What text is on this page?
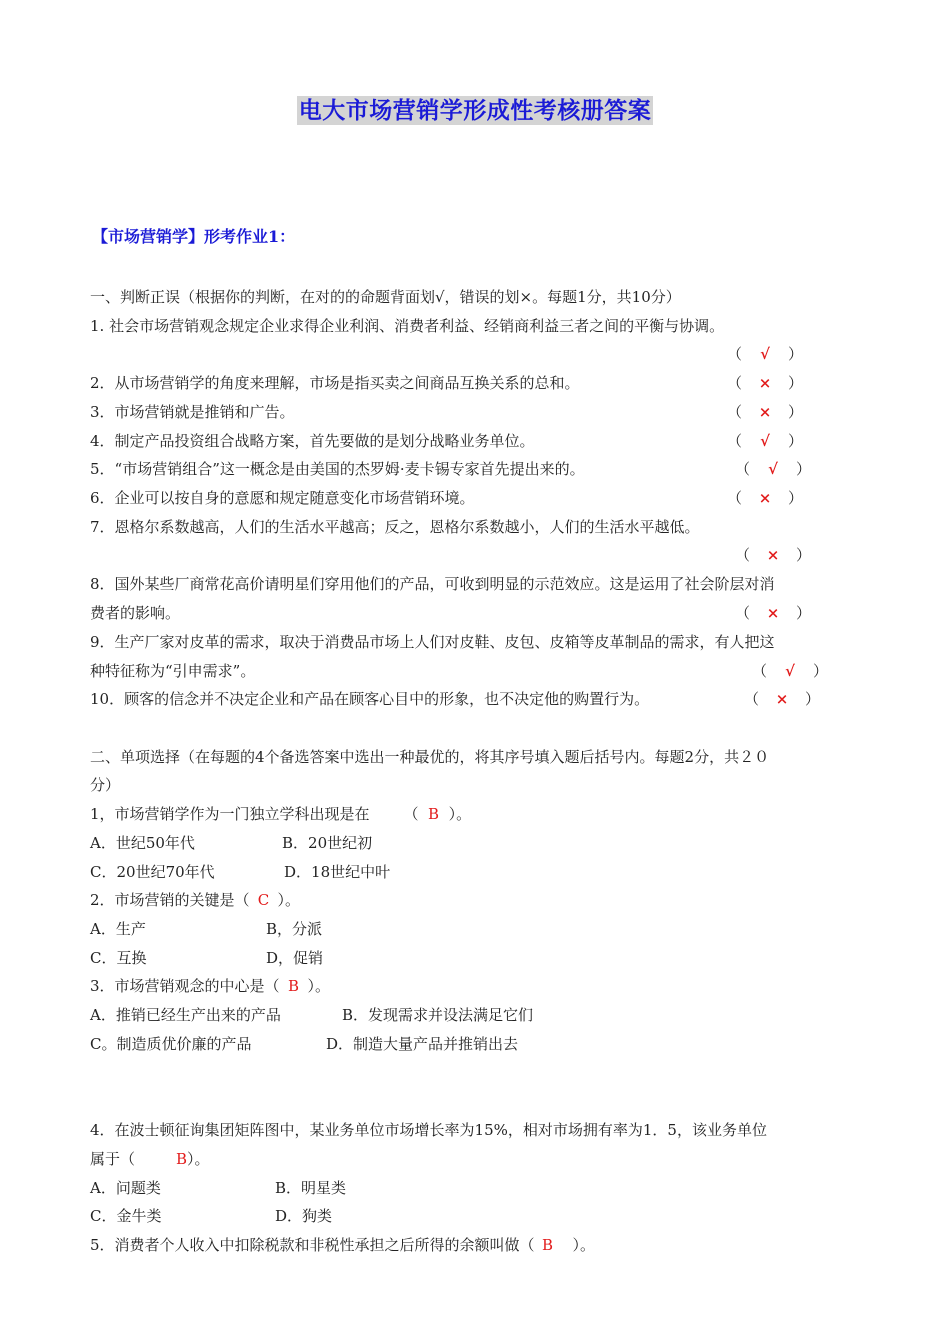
电大市场营销学形成性考核册答案
【市场营销学】形考作业1：
一、判断正误（根据你的判断，在对的的命题背面划√，错误的划×。每题1分，共10分）
1. 社会市场营销观念规定企业求得企业利润、消费者利益、经销商利益三者之间的平衡与协调。
（ √ ）
2．从市场营销学的角度来理解，市场是指买卖之间商品互换关系的总和。	（ × ）
3．市场营销就是推销和广告。	（ × ）
4．制定产品投资组合战略方案，首先要做的是划分战略业务单位。	（ √ ）
5．“市场营销组合”这一概念是由美国的杰罗姆·麦卡锡专家首先提出来的。	（ √ ）
6．企业可以按自身的意愿和规定随意变化市场营销环境。	（ × ）
7．恩格尔系数越高，人们的生活水平越高；反之，恩格尔系数越小，人们的生活水平越低。
（ × ）
8．国外某些厂商常花高价请明星们穿用他们的产品，可收到明显的示范效应。这是运用了社会阶层对消
费者的影响。	（ × ）
9．生产厂家对皮革的需求，取决于消费品市场上人们对皮鞋、皮包、皮箱等皮革制品的需求，有人把这
种特征称为“引申需求”。	（ √ ）
10．顾客的信念并不决定企业和产品在顾客心目中的形象，也不决定他的购置行为。	（ × ）
二、单项选择（在每题的4个备选答案中选出一种最优的，将其序号填入题后括号内。每题2分，共２０
分）
1，市场营销学作为一门独立学科出现是在 （ B ）。
A．世纪50年代	B．20世纪初
C．20世纪70年代	D．18世纪中叶
2．市场营销的关键是（ C ）。
A．生产	B，分派
C．互换	D，促销
3．市场营销观念的中心是（ B ）。
A．推销已经生产出来的产品	B．发现需求并设法满足它们
C。制造质优价廉的产品	D．制造大量产品并推销出去
4．在波士顿征询集团矩阵图中，某业务单位市场增长率为15%，相对市场拥有率为1．5，该业务单位
属于（	B）。
A．问题类	B．明星类
C．金牛类	D．狗类
5．消费者个人收入中扣除税款和非税性承担之后所得的余额叫做（ B ）。
